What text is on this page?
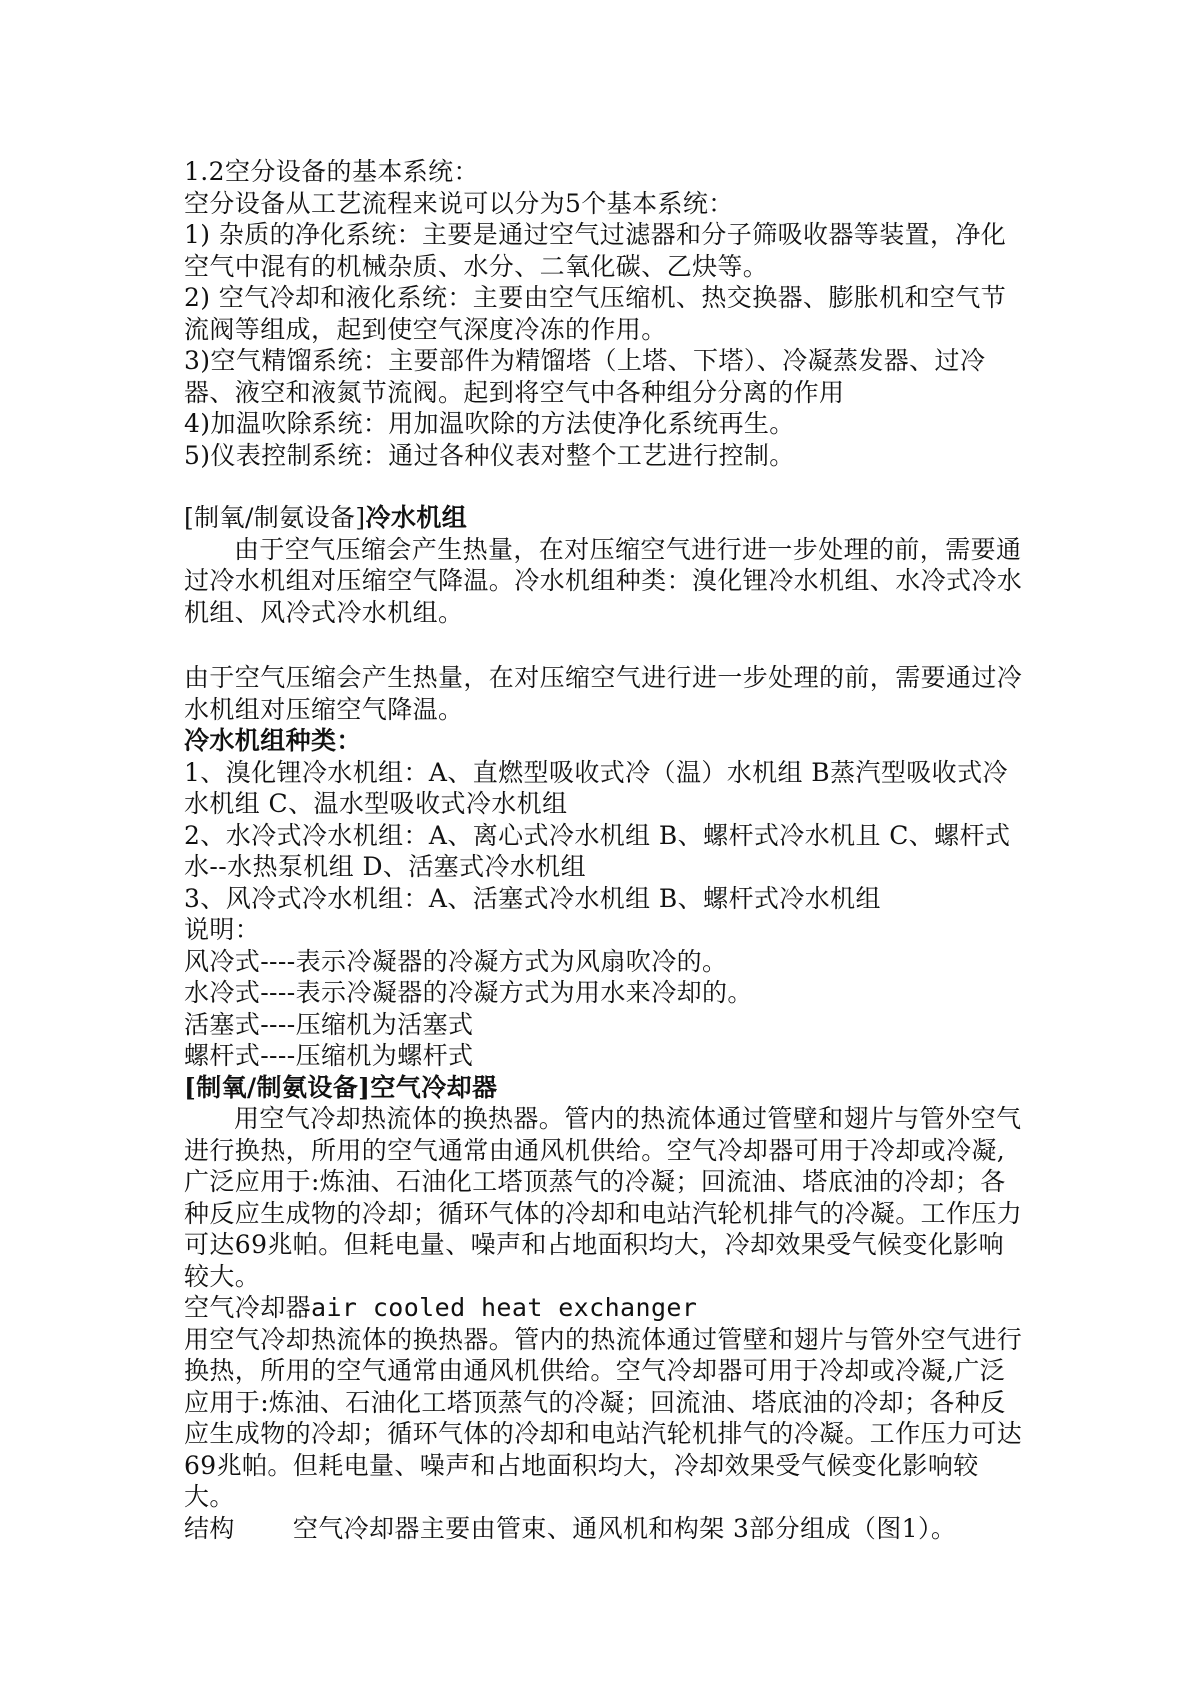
1.2空分设备的基本系统：

空分设备从工艺流程来说可以分为5个基本系统：

1) 杂质的净化系统：主要是通过空气过滤器和分子筛吸收器等装置，净化空气中混有的机械杂质、水分、二氧化碳、乙炔等。

2) 空气冷却和液化系统：主要由空气压缩机、热交换器、膨胀机和空气节流阀等组成，起到使空气深度冷冻的作用。

3)空气精馏系统：主要部件为精馏塔（上塔、下塔）、冷凝蒸发器、过冷器、液空和液氮节流阀。起到将空气中各种组分分离的作用

4)加温吹除系统：用加温吹除的方法使净化系统再生。

5)仪表控制系统：通过各种仪表对整个工艺进行控制。

[制氧/制氨设备]冷水机组

由于空气压缩会产生热量，在对压缩空气进行进一步处理的前，需要通过冷水机组对压缩空气降温。冷水机组种类：溴化锂冷水机组、水冷式冷水机组、风冷式冷水机组。

由于空气压缩会产生热量，在对压缩空气进行进一步处理的前，需要通过冷水机组对压缩空气降温。

冷水机组种类：

1、溴化锂冷水机组：A、直燃型吸收式冷（温）水机组 B蒸汽型吸收式冷水机组 C、温水型吸收式冷水机组

2、水冷式冷水机组：A、离心式冷水机组 B、螺杆式冷水机且 C、螺杆式水--水热泵机组 D、活塞式冷水机组

3、风冷式冷水机组：A、活塞式冷水机组 B、螺杆式冷水机组

说明：

风冷式----表示冷凝器的冷凝方式为风扇吹冷的。

水冷式----表示冷凝器的冷凝方式为用水来冷却的。

活塞式----压缩机为活塞式

螺杆式----压缩机为螺杆式

[制氧/制氨设备]空气冷却器

用空气冷却热流体的换热器。管内的热流体通过管壁和翅片与管外空气进行换热，所用的空气通常由通风机供给。空气冷却器可用于冷却或冷凝,广泛应用于:炼油、石油化工塔顶蒸气的冷凝；回流油、塔底油的冷却；各种反应生成物的冷却；循环气体的冷却和电站汽轮机排气的冷凝。工作压力可达69兆帕。但耗电量、噪声和占地面积均大，冷却效果受气候变化影响较大。

空气冷却器air cooled heat exchanger

用空气冷却热流体的换热器。管内的热流体通过管壁和翅片与管外空气进行换热，所用的空气通常由通风机供给。空气冷却器可用于冷却或冷凝,广泛应用于:炼油、石油化工塔顶蒸气的冷凝；回流油、塔底油的冷却；各种反应生成物的冷却；循环气体的冷却和电站汽轮机排气的冷凝。工作压力可达69兆帕。但耗电量、噪声和占地面积均大，冷却效果受气候变化影响较大。

结构 空气冷却器主要由管束、通风机和构架 3部分组成（图1）。
